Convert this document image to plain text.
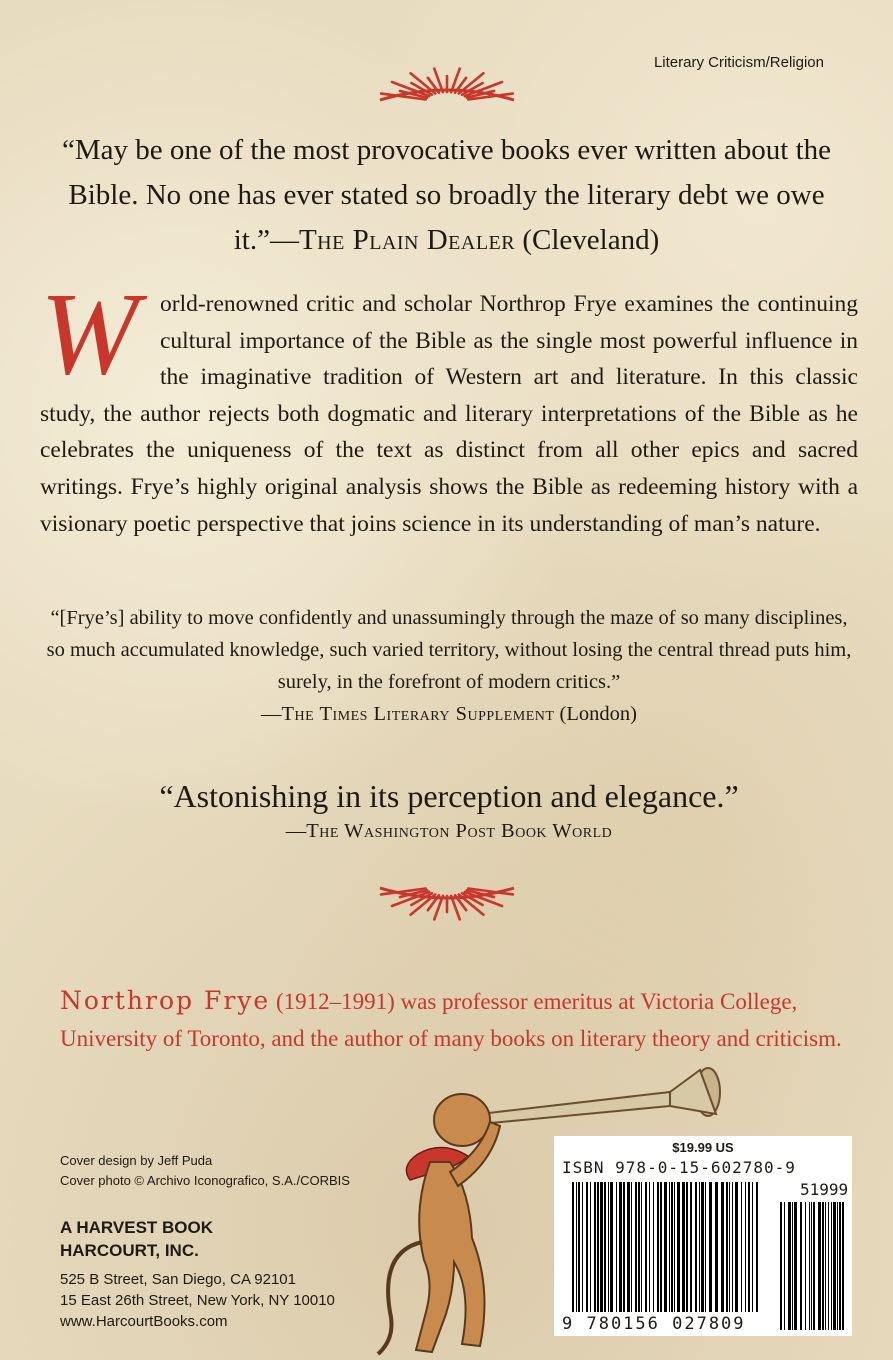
Literary Criticism/Religion
“May be one of the most provocative books ever written about the Bible. No one has ever stated so broadly the literary debt we owe it.”—The Plain Dealer (Cleveland)
World-renowned critic and scholar Northrop Frye examines the continuing cultural importance of the Bible as the single most powerful influence in the imaginative tradition of Western art and literature. In this classic study, the author rejects both dogmatic and literary interpretations of the Bible as he celebrates the uniqueness of the text as distinct from all other epics and sacred writings. Frye’s highly original analysis shows the Bible as redeeming history with a visionary poetic perspective that joins science in its understanding of man’s nature.
“[Frye’s] ability to move confidently and unassumingly through the maze of so many disciplines, so much accumulated knowledge, such varied territory, without losing the central thread puts him, surely, in the forefront of modern critics.”
—The Times Literary Supplement (London)
“Astonishing in its perception and elegance.”
—The Washington Post Book World
Northrop Frye (1912–1991) was professor emeritus at Victoria College, University of Toronto, and the author of many books on literary theory and criticism.
Cover design by Jeff Puda
Cover photo © Archivo Iconografico, S.A./CORBIS
A HARVEST BOOK
HARCOURT, INC.
525 B Street, San Diego, CA 92101
15 East 26th Street, New York, NY 10010
www.HarcourtBooks.com
$19.99 US
ISBN 978-0-15-602780-9
51999
9 780156 027809
